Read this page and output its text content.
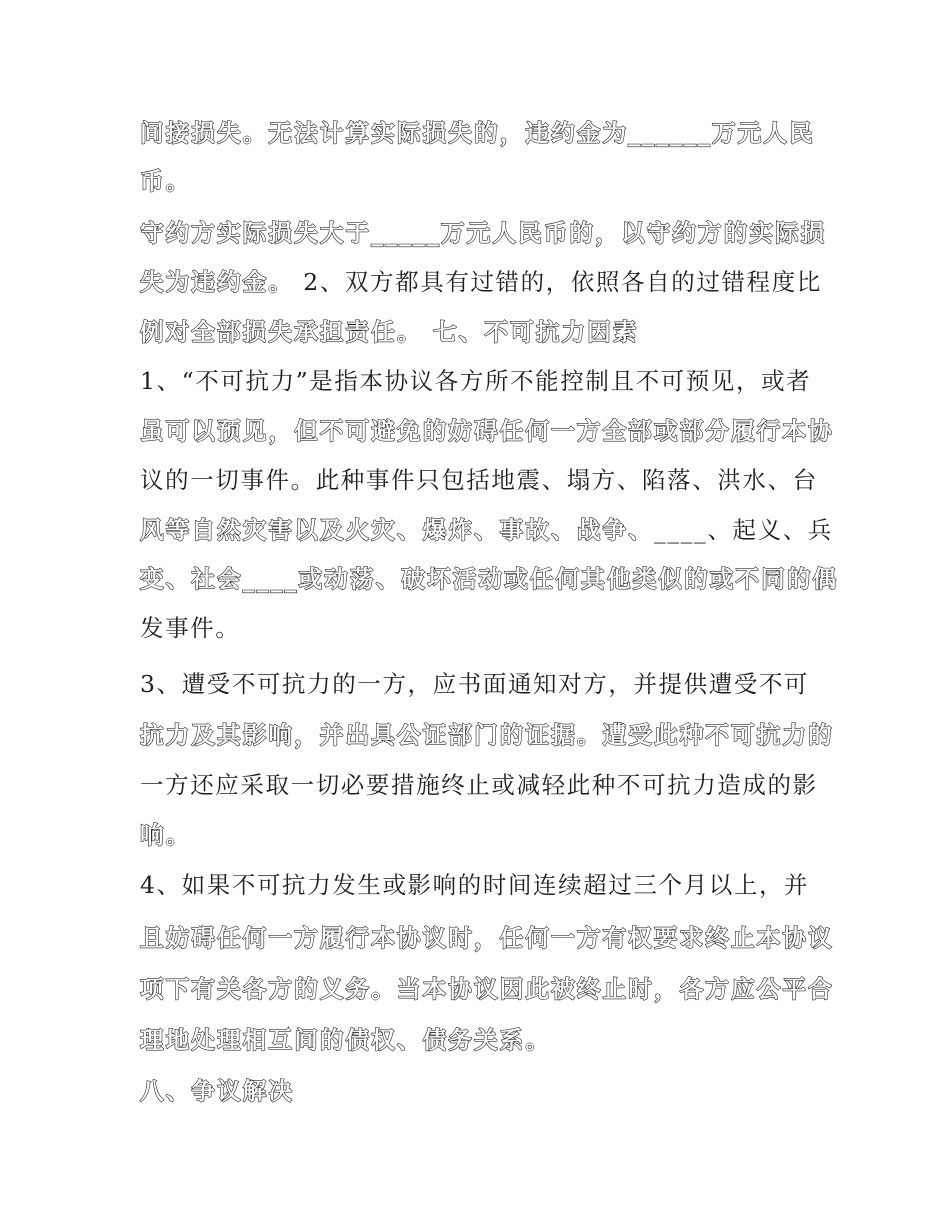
间接损失。无法计算实际损失的，违约金为______万元人民
币。
守约方实际损失大于_____万元人民币的，以守约方的实际损
失为违约金。 2、双方都具有过错的，依照各自的过错程度比
例对全部损失承担责任。 七、不可抗力因素
1、“不可抗力”是指本协议各方所不能控制且不可预见，或者
虽可以预见，但不可避免的妨碍任何一方全部或部分履行本协
议的一切事件。此种事件只包括地震、塌方、陷落、洪水、台
风等自然灾害以及火灾、爆炸、事故、战争、____、起义、兵
变、社会____或动荡、破坏活动或任何其他类似的或不同的偶
发事件。
3、遭受不可抗力的一方，应书面通知对方，并提供遭受不可
抗力及其影响，并出具公证部门的证据。遭受此种不可抗力的
一方还应采取一切必要措施终止或减轻此种不可抗力造成的影
响。
4、如果不可抗力发生或影响的时间连续超过三个月以上，并
且妨碍任何一方履行本协议时，任何一方有权要求终止本协议
项下有关各方的义务。当本协议因此被终止时，各方应公平合
理地处理相互间的债权、债务关系。
八、争议解决
